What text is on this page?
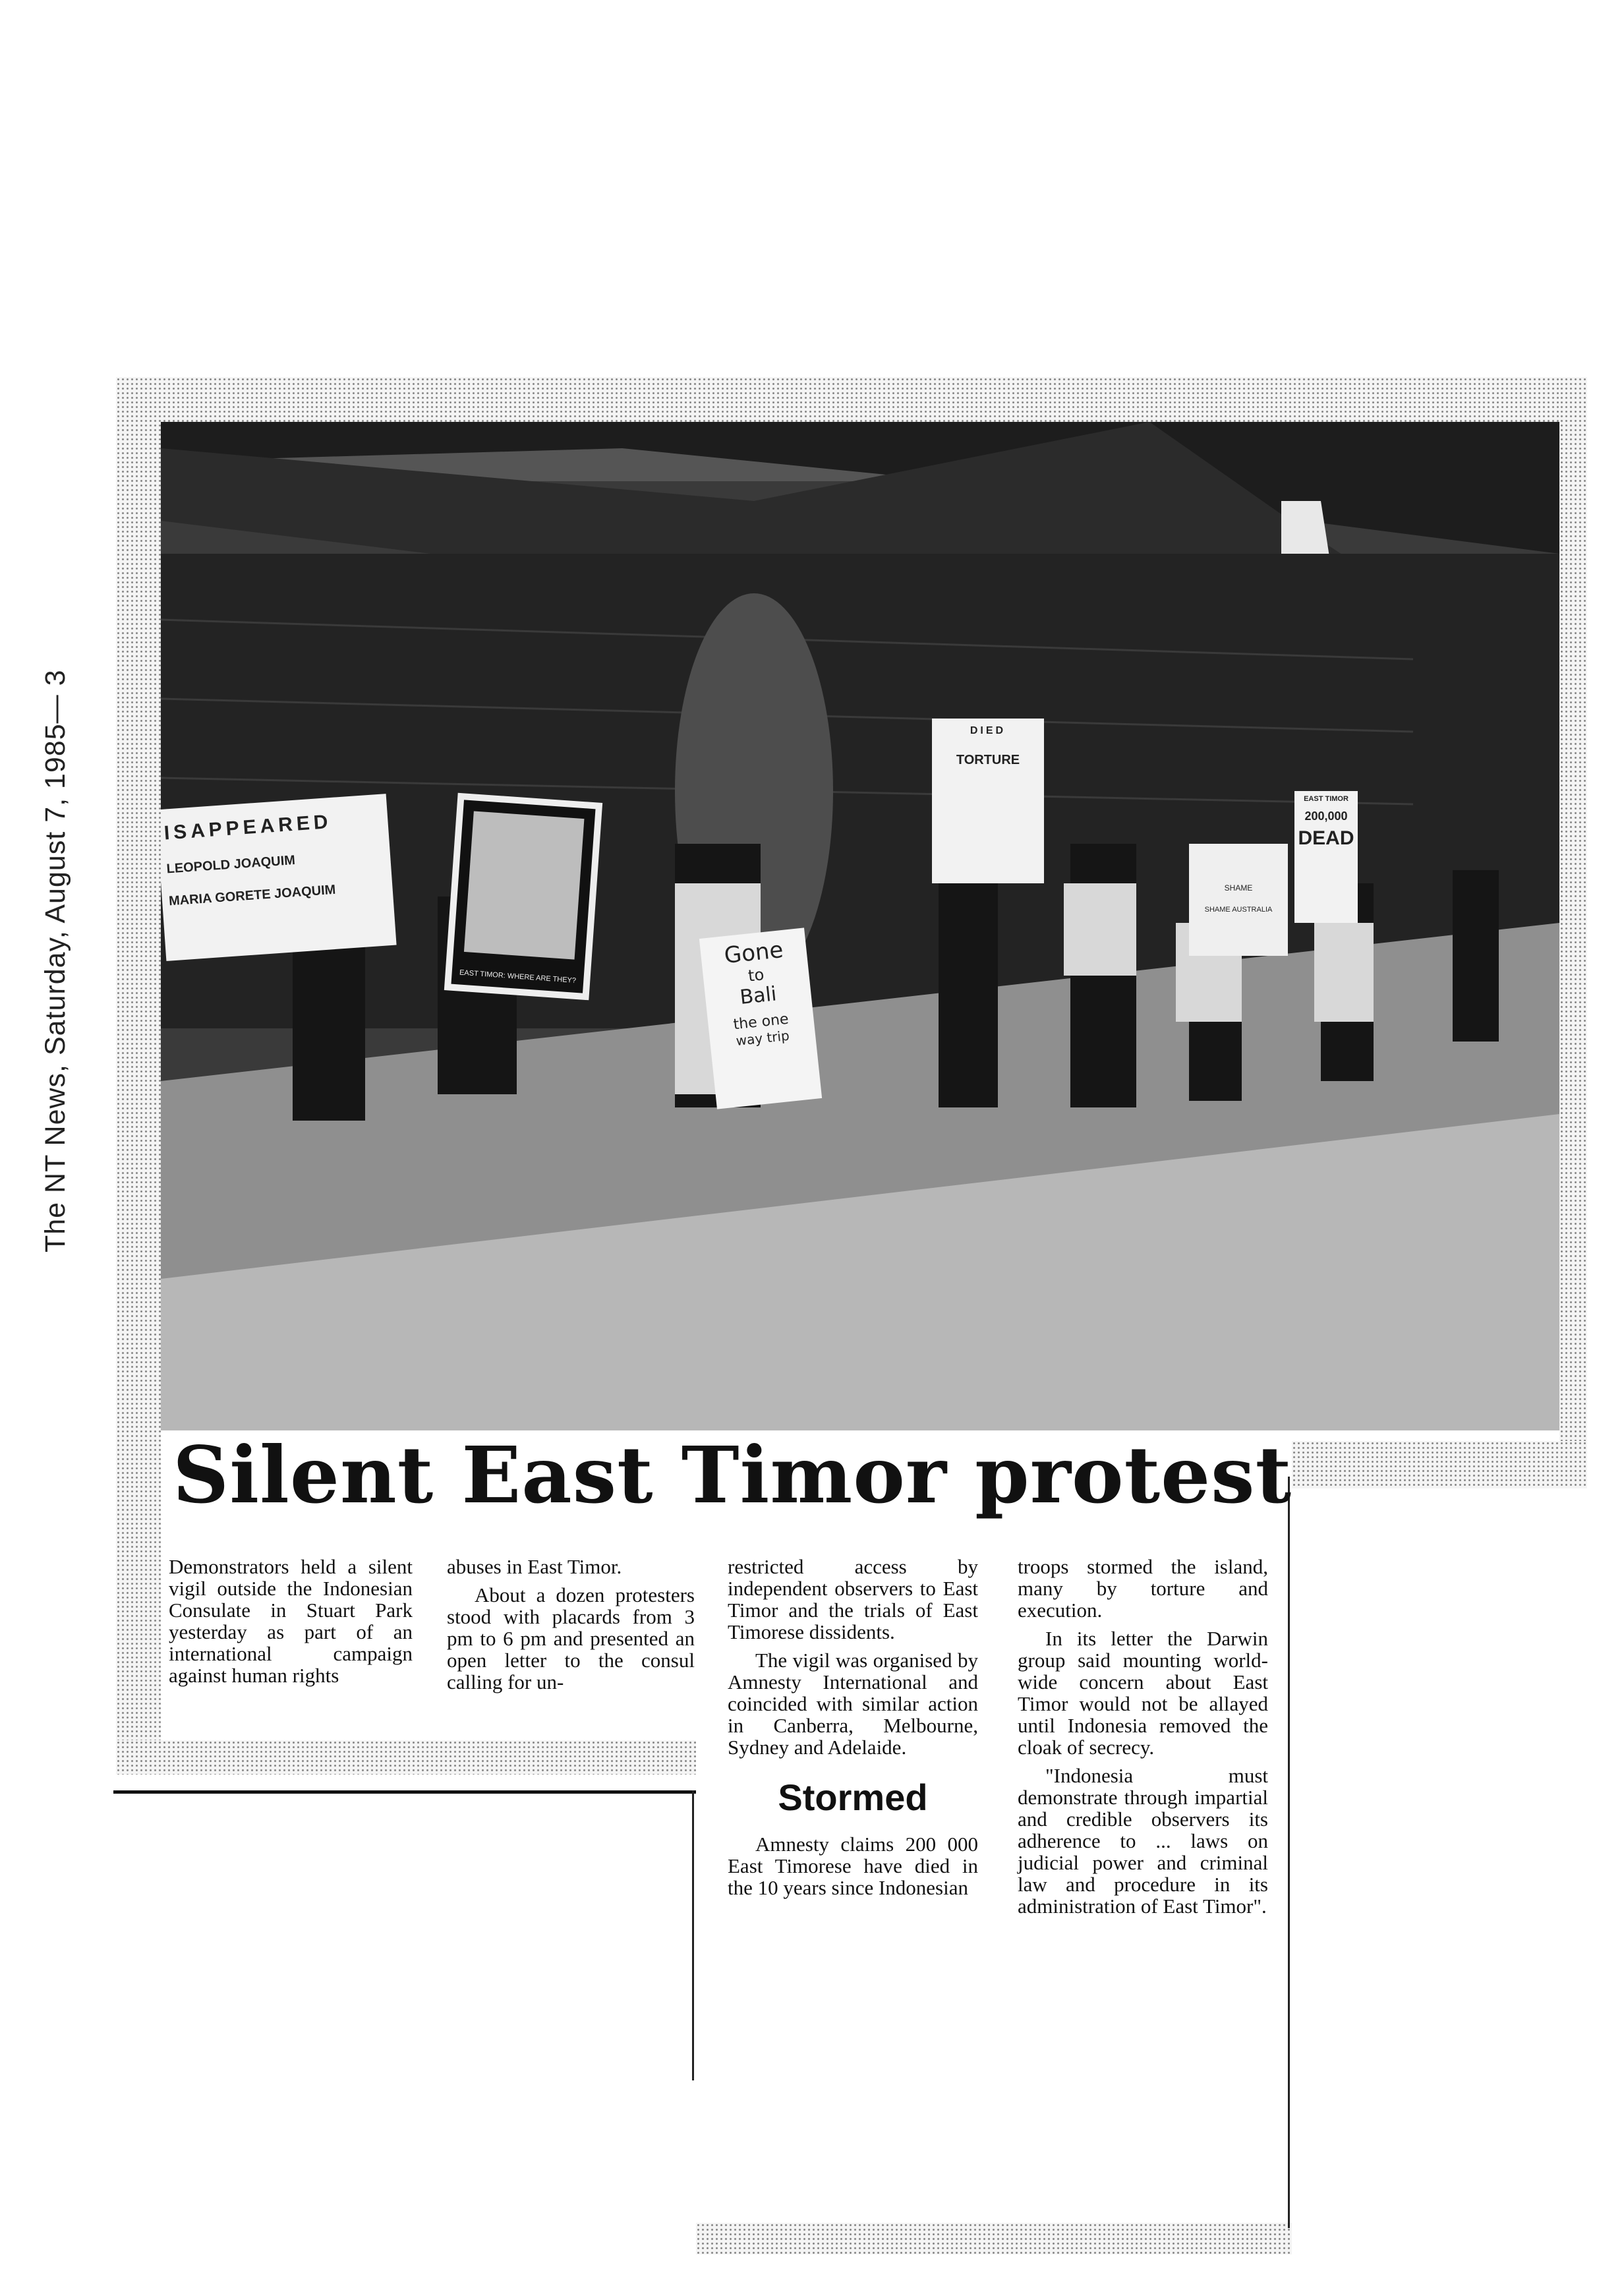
The NT News, Saturday, August 7, 1985— 3	ISAPPEARED
LEOPOLD JOAQUIM
MARIA GORETE JOAQUIM
EAST TIMOR: WHERE ARE THEY?
Gone
to
Bali
the one
way trip
DIED
TORTURE
EAST TIMOR
200,000
DEAD
SHAME
SHAME AUSTRALIA
Silent East Timor protest

Demonstrators held a silent vigil outside the Indonesian Consulate in Stuart Park yesterday as part of an international campaign against human rights

abuses in East Timor.

About a dozen protesters stood with placards from 3 pm to 6 pm and presented an open letter to the consul calling for un-

restricted access by independent observers to East Timor and the trials of East Timorese dissidents.

The vigil was organised by Amnesty International and coincided with similar action in Canberra, Melbourne, Sydney and Adelaide.

Stormed

Amnesty claims 200 000 East Timorese have died in the 10 years since Indonesian

troops stormed the island, many by torture and execution.

In its letter the Darwin group said mounting world-wide concern about East Timor would not be allayed until Indonesia removed the cloak of secrecy.

"Indonesia must demonstrate through impartial and credible observers its adherence to ... laws on judicial power and criminal law and procedure in its administration of East Timor".
